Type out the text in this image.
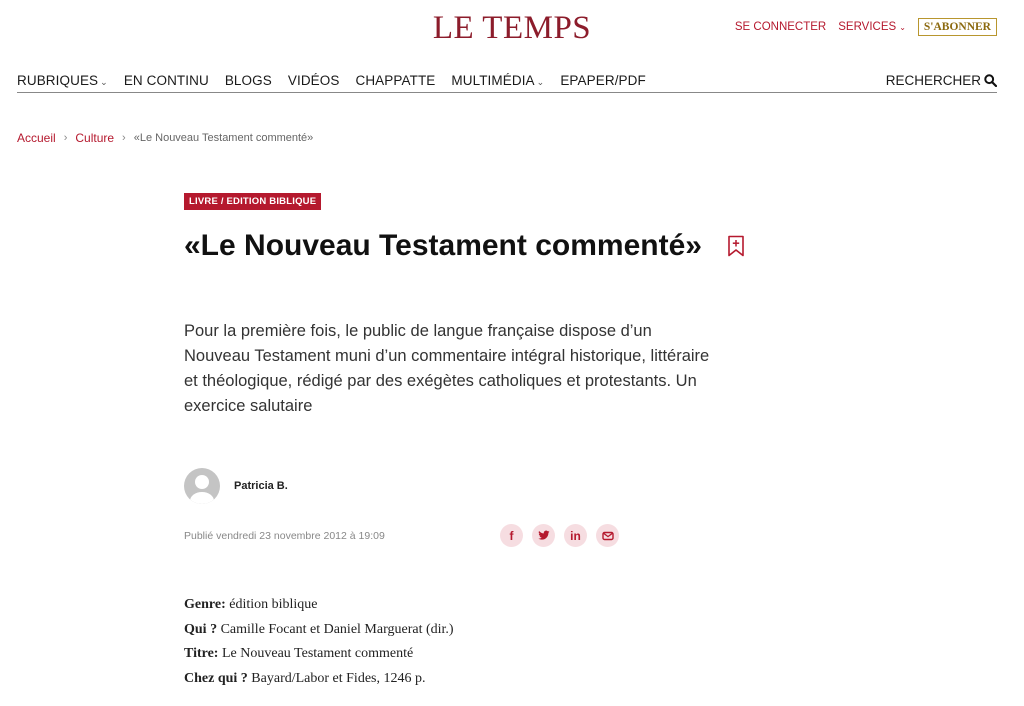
LE TEMPS	SE CONNECTER SERVICES ⌄	S'ABONNER
RUBRIQUES ⌄ EN CONTINU BLOGS VIDÉOS CHAPPATTE MULTIMÉDIA ⌄ EPAPER/PDF	RECHERCHER
Accueil › Culture › «Le Nouveau Testament commenté»
LIVRE / EDITION BIBLIQUE
«Le Nouveau Testament commenté»

Pour la première fois, le public de langue française dispose d’un Nouveau Testament muni d’un commentaire intégral historique, littéraire et théologique, rédigé par des exégètes catholiques et protestants. Un exercice salutaire

Patricia B.
Publié vendredi 23 novembre 2012 à 19:09	f	in
Genre: édition biblique
Qui ? Camille Focant et Daniel Marguerat (dir.)
Titre: Le Nouveau Testament commenté
Chez qui ? Bayard/Labor et Fides, 1246 p.
